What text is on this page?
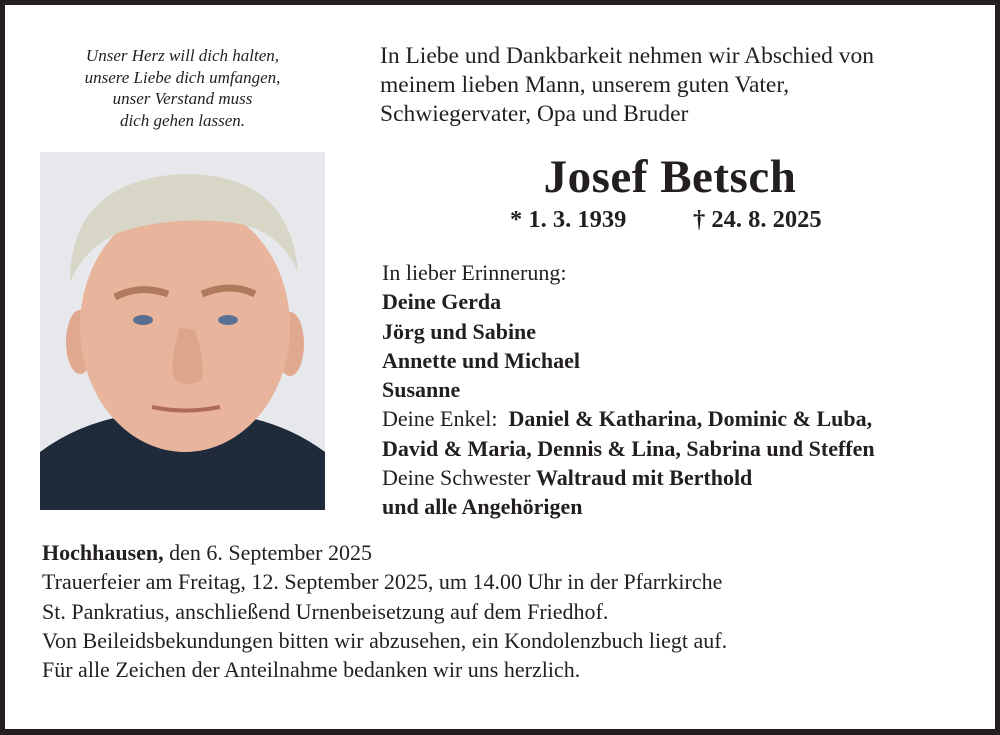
Unser Herz will dich halten,
unsere Liebe dich umfangen,
unser Verstand muss
dich gehen lassen.
In Liebe und Dankbarkeit nehmen wir Abschied von
meinem lieben Mann, unserem guten Vater,
Schwiegervater, Opa und Bruder
Josef Betsch
* 1. 3. 1939	† 24. 8. 2025
In lieber Erinnerung:
Deine Gerda
Jörg und Sabine
Annette und Michael
Susanne
Deine Enkel: Daniel & Katharina, Dominic & Luba,
David & Maria, Dennis & Lina, Sabrina und Steffen
Deine Schwester Waltraud mit Berthold
und alle Angehörigen
Hochhausen, den 6. September 2025
Trauerfeier am Freitag, 12. September 2025, um 14.00 Uhr in der Pfarrkirche
St. Pankratius, anschließend Urnenbeisetzung auf dem Friedhof.
Von Beileidsbekundungen bitten wir abzusehen, ein Kondolenzbuch liegt auf.
Für alle Zeichen der Anteilnahme bedanken wir uns herzlich.
